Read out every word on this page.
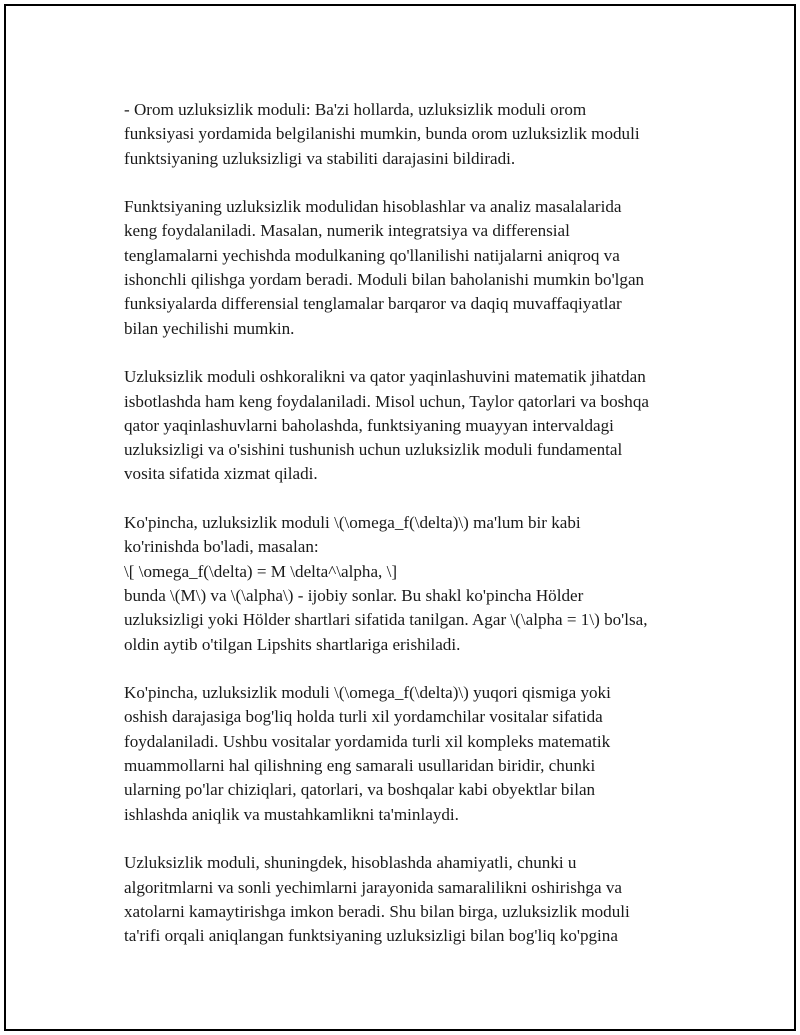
- Orom uzluksizlik moduli: Ba'zi hollarda, uzluksizlik moduli orom
funksiyasi yordamida belgilanishi mumkin, bunda orom uzluksizlik moduli
funktsiyaning uzluksizligi va stabiliti darajasini bildiradi.

Funktsiyaning uzluksizlik modulidan hisoblashlar va analiz masalalarida
keng foydalaniladi. Masalan, numerik integratsiya va differensial
tenglamalarni yechishda modulkaning qo'llanilishi natijalarni aniqroq va
ishonchli qilishga yordam beradi. Moduli bilan baholanishi mumkin bo'lgan
funksiyalarda differensial tenglamalar barqaror va daqiq muvaffaqiyatlar
bilan yechilishi mumkin.

Uzluksizlik moduli oshkoralikni va qator yaqinlashuvini matematik jihatdan
isbotlashda ham keng foydalaniladi. Misol uchun, Taylor qatorlari va boshqa
qator yaqinlashuvlarni baholashda, funktsiyaning muayyan intervaldagi
uzluksizligi va o'sishini tushunish uchun uzluksizlik moduli fundamental
vosita sifatida xizmat qiladi.

Ko'pincha, uzluksizlik moduli \(\omega_f(\delta)\) ma'lum bir kabi
ko'rinishda bo'ladi, masalan:
\[ \omega_f(\delta) = M \delta^\alpha, \]
bunda \(M\) va \(\alpha\) - ijobiy sonlar. Bu shakl ko'pincha Hölder
uzluksizligi yoki Hölder shartlari sifatida tanilgan. Agar \(\alpha = 1\) bo'lsa,
oldin aytib o'tilgan Lipshits shartlariga erishiladi.

Ko'pincha, uzluksizlik moduli \(\omega_f(\delta)\) yuqori qismiga yoki
oshish darajasiga bog'liq holda turli xil yordamchilar vositalar sifatida
foydalaniladi. Ushbu vositalar yordamida turli xil kompleks matematik
muammollarni hal qilishning eng samarali usullaridan biridir, chunki
ularning po'lar chiziqlari, qatorlari, va boshqalar kabi obyektlar bilan
ishlashda aniqlik va mustahkamlikni ta'minlaydi.

Uzluksizlik moduli, shuningdek, hisoblashda ahamiyatli, chunki u
algoritmlarni va sonli yechimlarni jarayonida samaralilikni oshirishga va
xatolarni kamaytirishga imkon beradi. Shu bilan birga, uzluksizlik moduli
ta'rifi orqali aniqlangan funktsiyaning uzluksizligi bilan bog'liq ko'pgina
